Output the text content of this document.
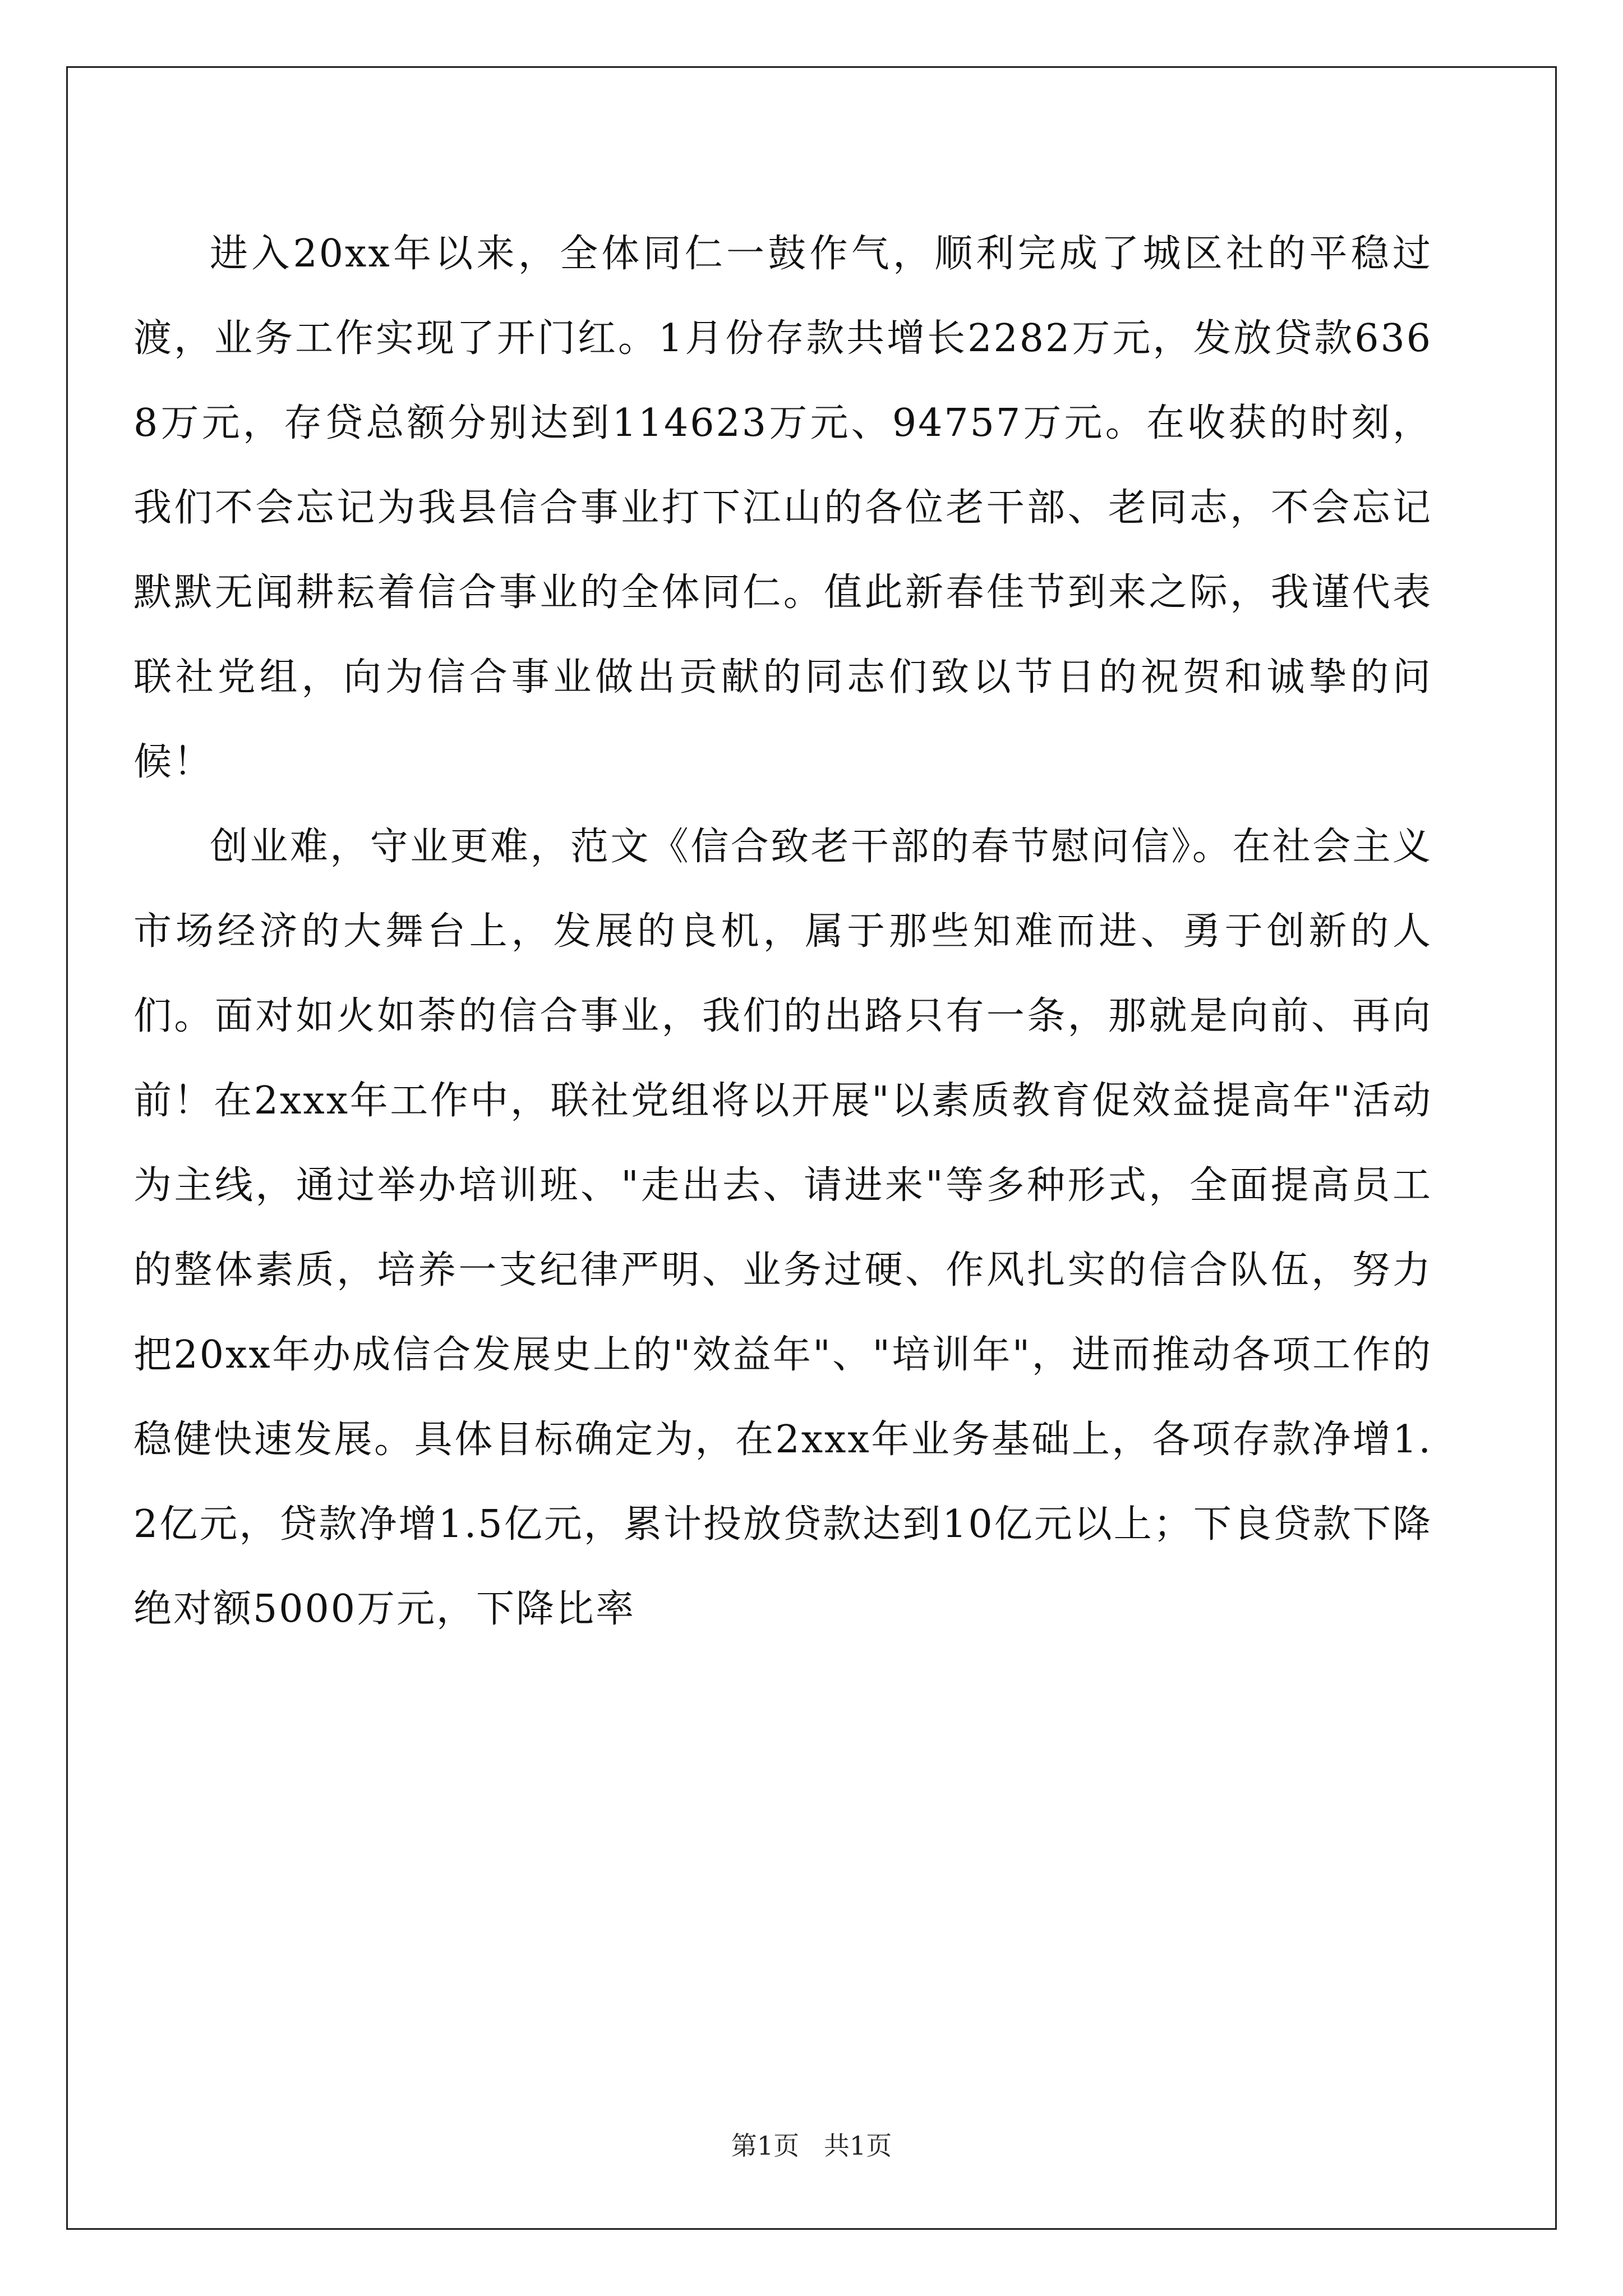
进入20xx年以来，全体同仁一鼓作气，顺利完成了城区社的平稳过渡，业务工作实现了开门红。1月份存款共增长2282万元，发放贷款6368万元，存贷总额分别达到114623万元、94757万元。在收获的时刻，我们不会忘记为我县信合事业打下江山的各位老干部、老同志，不会忘记默默无闻耕耘着信合事业的全体同仁。值此新春佳节到来之际，我谨代表联社党组，向为信合事业做出贡献的同志们致以节日的祝贺和诚挚的问候！

创业难，守业更难，范文《信合致老干部的春节慰问信》。在社会主义市场经济的大舞台上，发展的良机，属于那些知难而进、勇于创新的人们。面对如火如荼的信合事业，我们的出路只有一条，那就是向前、再向前！在2xxx年工作中，联社党组将以开展"以素质教育促效益提高年"活动为主线，通过举办培训班、"走出去、请进来"等多种形式，全面提高员工的整体素质，培养一支纪律严明、业务过硬、作风扎实的信合队伍，努力把20xx年办成信合发展史上的"效益年"、"培训年"，进而推动各项工作的稳健快速发展。具体目标确定为，在2xxx年业务基础上，各项存款净增1.2亿元，贷款净增1.5亿元，累计投放贷款达到10亿元以上；下良贷款下降绝对额5000万元，下降比率

第1页   共1页
